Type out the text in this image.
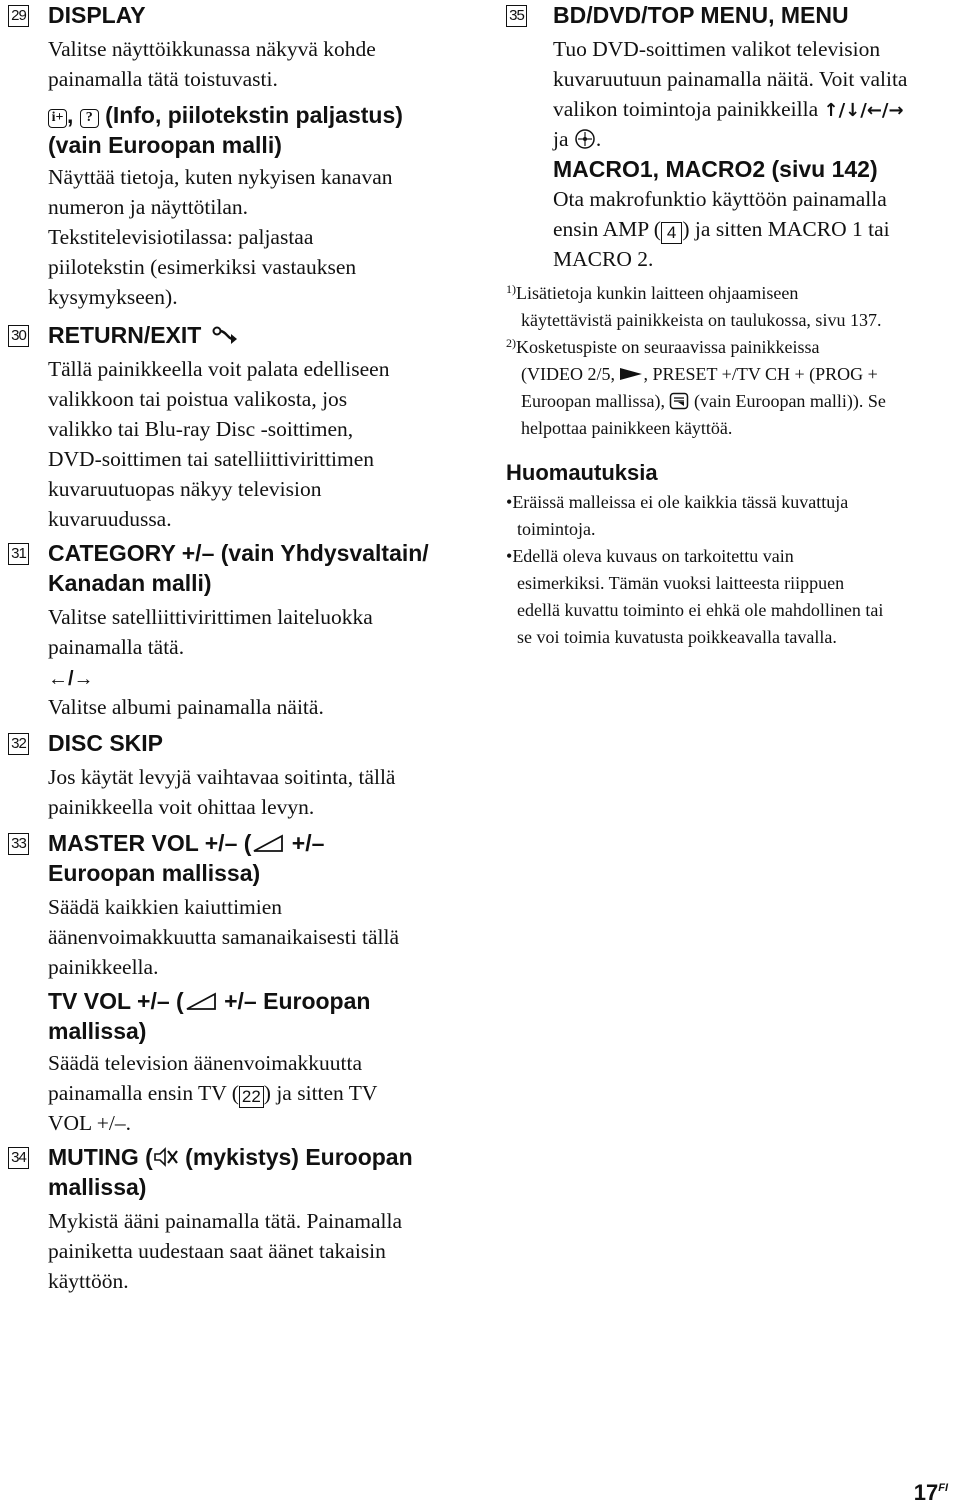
29 DISPLAY
Valitse näyttöikkunassa näkyvä kohde
painamalla tätä toistuvasti.
i+ , ? (Info, piilotekstin paljastus)
(vain Euroopan malli)
Näyttää tietoja, kuten nykyisen kanavan
numeron ja näyttötilan.
Tekstitelevisiotilassa: paljastaa
piilotekstin (esimerkiksi vastauksen
kysymykseen).
30 RETURN/EXIT
Tällä painikkeella voit palata edelliseen
valikkoon tai poistua valikosta, jos
valikko tai Blu-ray Disc -soittimen,
DVD-soittimen tai satelliittivirittimen
kuvaruutuopas näkyy television
kuvaruudussa.
31 CATEGORY +/– (vain Yhdysvaltain/
Kanadan malli)
Valitse satelliittivirittimen laiteluokka
painamalla tätä.
←/→
Valitse albumi painamalla näitä.
32 DISC SKIP
Jos käytät levyjä vaihtavaa soitinta, tällä
painikkeella voit ohittaa levyn.
33 MASTER VOL +/– ( +/–
Euroopan mallissa)
Säädä kaikkien kaiuttimien
äänenvoimakkuutta samanaikaisesti tällä
painikkeella.
TV VOL +/– ( +/– Euroopan
mallissa)
Säädä television äänenvoimakkuutta
painamalla ensin TV ( 22 ) ja sitten TV
VOL +/–.
34 MUTING ( (mykistys) Euroopan
mallissa)
Mykistä ääni painamalla tätä. Painamalla
painiketta uudestaan saat äänet takaisin
käyttöön.
35 BD/DVD/TOP MENU, MENU
Tuo DVD-soittimen valikot television
kuvaruutuun painamalla näitä. Voit valita
valikon toimintoja painikkeilla ↑/↓/←/→
ja .
MACRO1, MACRO2 (sivu 142)
Ota makrofunktio käyttöön painamalla
ensin AMP ( 4 ) ja sitten MACRO 1 tai
MACRO 2.
$^{1)}$Lisätietoja kunkin laitteen ohjaamiseen
käytettävistä painikkeista on taulukossa, sivu 137.
$^{2)}$Kosketuspiste on seuraavissa painikkeissa
(VIDEO 2/5, , PRESET +/TV CH + (PROG +
Euroopan mallissa),  (vain Euroopan malli)). Se
helpottaa painikkeen käyttöä.
Huomautuksia
•Eräissä malleissa ei ole kaikkia tässä kuvattuja
toimintoja.
•Edellä oleva kuvaus on tarkoitettu vain
esimerkiksi. Tämän vuoksi laitteesta riippuen
edellä kuvattu toiminto ei ehkä ole mahdollinen tai
se voi toimia kuvatusta poikkeavalla tavalla.
$17^{FI}$
